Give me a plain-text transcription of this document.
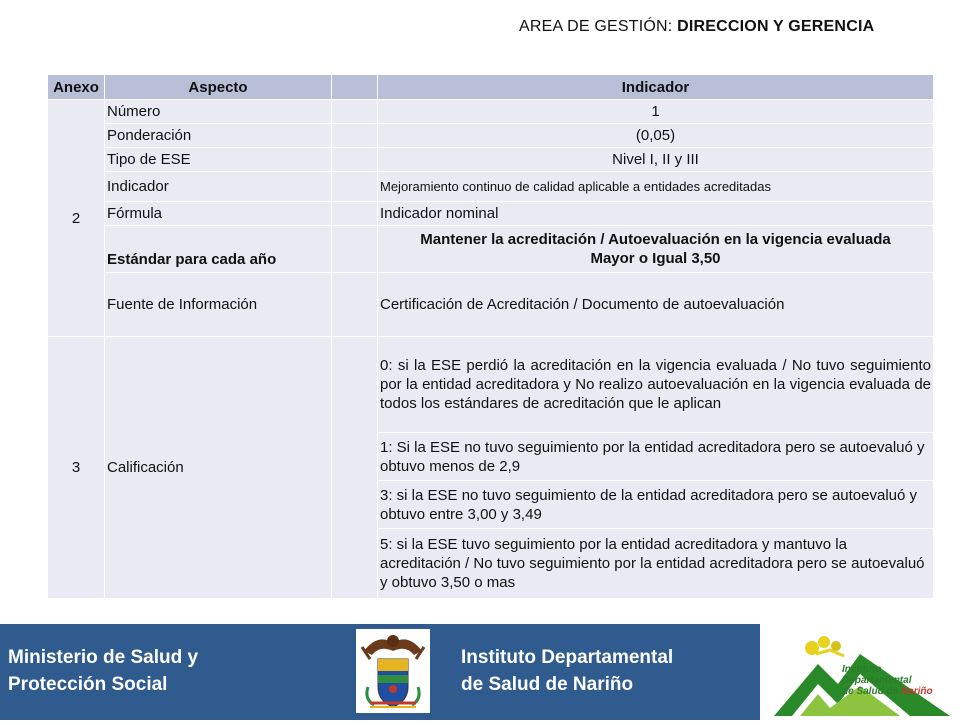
AREA DE GESTIÓN: DIRECCION Y GERENCIA
Anexo	Aspecto		Indicador
2	Número		1
	Ponderación		(0,05)
	Tipo de ESE		Nivel I, II y III
	Indicador		Mejoramiento continuo de calidad aplicable a entidades acreditadas
	Fórmula		Indicador nominal
	Estándar para cada año		Mantener la acreditación / Autoevaluación en la vigencia evaluada
Mayor o Igual 3,50

	Fuente de Información		Certificación de Acreditación / Documento de autoevaluación
3	Calificación		0: si la ESE perdió la acreditación en la vigencia evaluada / No tuvo seguimiento por la entidad acreditadora y No realizo autoevaluación en la vigencia evaluada de todos los estándares de acreditación que le aplican
			1: Si la ESE no tuvo seguimiento por la entidad acreditadora pero se autoevaluó y obtuvo menos de 2,9
			3: si la ESE no tuvo seguimiento de la entidad acreditadora pero se autoevaluó y obtuvo entre 3,00 y 3,49
			5: si la ESE tuvo seguimiento por la entidad acreditadora y mantuvo la acreditación / No tuvo seguimiento por la entidad acreditadora pero se autoevaluó y obtuvo 3,50 o mas
Ministerio de Salud y
Protección Social
Instituto Departamental
de Salud de Nariño
Instituto
Departamental
de Salud de Nariño
